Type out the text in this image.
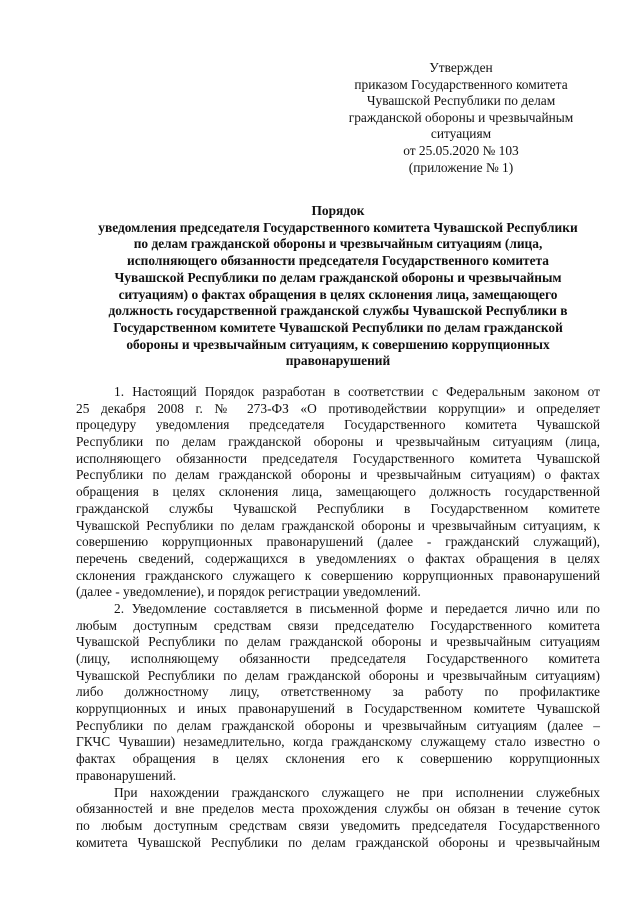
Утвержден
приказом Государственного комитета
Чувашской Республики по делам
гражданской обороны и чрезвычайным
ситуациям
от 25.05.2020 № 103
(приложение № 1)
Порядок
уведомления председателя Государственного комитета Чувашской Республики
по делам гражданской обороны и чрезвычайным ситуациям (лица,
исполняющего обязанности председателя Государственного комитета
Чувашской Республики по делам гражданской обороны и чрезвычайным
ситуациям) о фактах обращения в целях склонения лица, замещающего
должность государственной гражданской службы Чувашской Республики в
Государственном комитете Чувашской Республики по делам гражданской
обороны и чрезвычайным ситуациям, к совершению коррупционных
правонарушений
1. Настоящий Порядок разработан в соответствии с Федеральным законом от
25 декабря 2008 г. № 273-ФЗ «О противодействии коррупции» и определяет
процедуру уведомления председателя Государственного комитета Чувашской
Республики по делам гражданской обороны и чрезвычайным ситуациям (лица,
исполняющего обязанности председателя Государственного комитета Чувашской
Республики по делам гражданской обороны и чрезвычайным ситуациям) о фактах
обращения в целях склонения лица, замещающего должность государственной
гражданской службы Чувашской Республики в Государственном комитете
Чувашской Республики по делам гражданской обороны и чрезвычайным ситуациям, к
совершению коррупционных правонарушений (далее - гражданский служащий),
перечень сведений, содержащихся в уведомлениях о фактах обращения в целях
склонения гражданского служащего к совершению коррупционных правонарушений
(далее - уведомление), и порядок регистрации уведомлений.
2. Уведомление составляется в письменной форме и передается лично или по
любым доступным средствам связи председателю Государственного комитета
Чувашской Республики по делам гражданской обороны и чрезвычайным ситуациям
(лицу, исполняющему обязанности председателя Государственного комитета
Чувашской Республики по делам гражданской обороны и чрезвычайным ситуациям)
либо должностному лицу, ответственному за работу по профилактике
коррупционных и иных правонарушений в Государственном комитете Чувашской
Республики по делам гражданской обороны и чрезвычайным ситуациям (далее –
ГКЧС Чувашии) незамедлительно, когда гражданскому служащему стало известно о
фактах обращения в целях склонения его к совершению коррупционных
правонарушений.
При нахождении гражданского служащего не при исполнении служебных
обязанностей и вне пределов места прохождения службы он обязан в течение суток
по любым доступным средствам связи уведомить председателя Государственного
комитета Чувашской Республики по делам гражданской обороны и чрезвычайным
